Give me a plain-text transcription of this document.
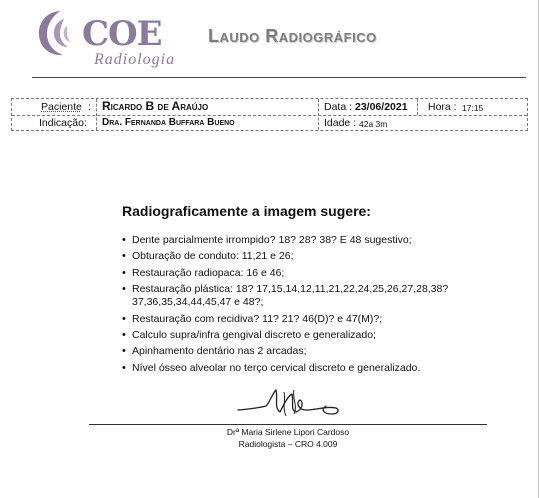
COE
Radiologia
Laudo Radiográfico
Paciente : Ricardo B de Araújo	Data : 23/06/2021 Hora : 17:15
Indicação: Dra. Fernanda Buffara Bueno	Idade : 42a 3m
Radiograficamente a imagem sugere:
• Dente parcialmente irrompido? 18? 28? 38? E 48 sugestivo;
• Obturação de conduto: 11,21 e 26;
• Restauração radiopaca: 16 e 46;
• Restauração plástica: 18? 17,15,14,12,11,21,22,24,25,26,27,28,38? 37,36,35,34,44,45,47 e 48?;
• Restauração com recidiva? 11? 21? 46(D)? e 47(M)?;
• Calculo supra/infra gengival discreto e generalizado;
• Apinhamento dentário nas 2 arcadas;
• Nível ósseo alveolar no terço cervical discreto e generalizado.
Drª Maria Sirlene Lipori Cardoso
Radiologista – CRO 4.009
